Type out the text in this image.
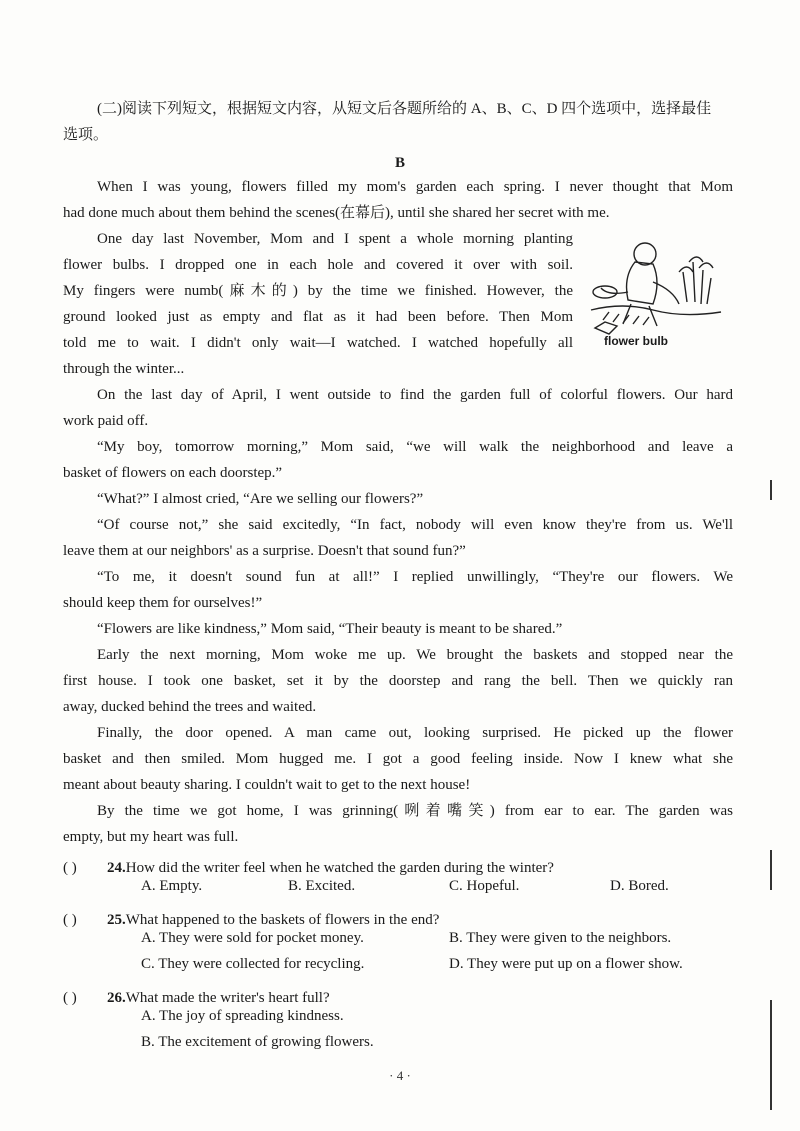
(二)阅读下列短文，根据短文内容，从短文后各题所给的 A、B、C、D 四个选项中，选择最佳
选项。
B
When I was young, flowers filled my mom's garden each spring. I never thought that Mom
had done much about them behind the scenes(在幕后), until she shared her secret with me.
One day last November, Mom and I spent a whole morning planting
flower bulbs. I dropped one in each hole and covered it over with soil.
My fingers were numb(麻木的) by the time we finished. However, the
ground looked just as empty and flat as it had been before. Then Mom
told me to wait. I didn't only wait—I watched. I watched hopefully all
through the winter...
On the last day of April, I went outside to find the garden full of colorful flowers. Our hard
work paid off.
“My boy, tomorrow morning,” Mom said, “we will walk the neighborhood and leave a
basket of flowers on each doorstep.”
“What?” I almost cried, “Are we selling our flowers?”
“Of course not,” she said excitedly, “In fact, nobody will even know they're from us. We'll
leave them at our neighbors' as a surprise. Doesn't that sound fun?”
“To me, it doesn't sound fun at all!” I replied unwillingly, “They're our flowers. We
should keep them for ourselves!”
“Flowers are like kindness,” Mom said, “Their beauty is meant to be shared.”
Early the next morning, Mom woke me up. We brought the baskets and stopped near the
first house. I took one basket, set it by the doorstep and rang the bell. Then we quickly ran
away, ducked behind the trees and waited.
Finally, the door opened. A man came out, looking surprised. He picked up the flower
basket and then smiled. Mom hugged me. I got a good feeling inside. Now I knew what she
meant about beauty sharing. I couldn't wait to get to the next house!
By the time we got home, I was grinning(咧着嘴笑) from ear to ear. The garden was
empty, but my heart was full.
flower bulb
( ) 24.How did the writer feel when he watched the garden during the winter?
A. Empty.	B. Excited.	C. Hopeful.	D. Bored.
( ) 25.What happened to the baskets of flowers in the end?
A. They were sold for pocket money.	B. They were given to the neighbors.
C. They were collected for recycling.	D. They were put up on a flower show.
( ) 26.What made the writer's heart full?
A. The joy of spreading kindness.
B. The excitement of growing flowers.
· 4 ·
